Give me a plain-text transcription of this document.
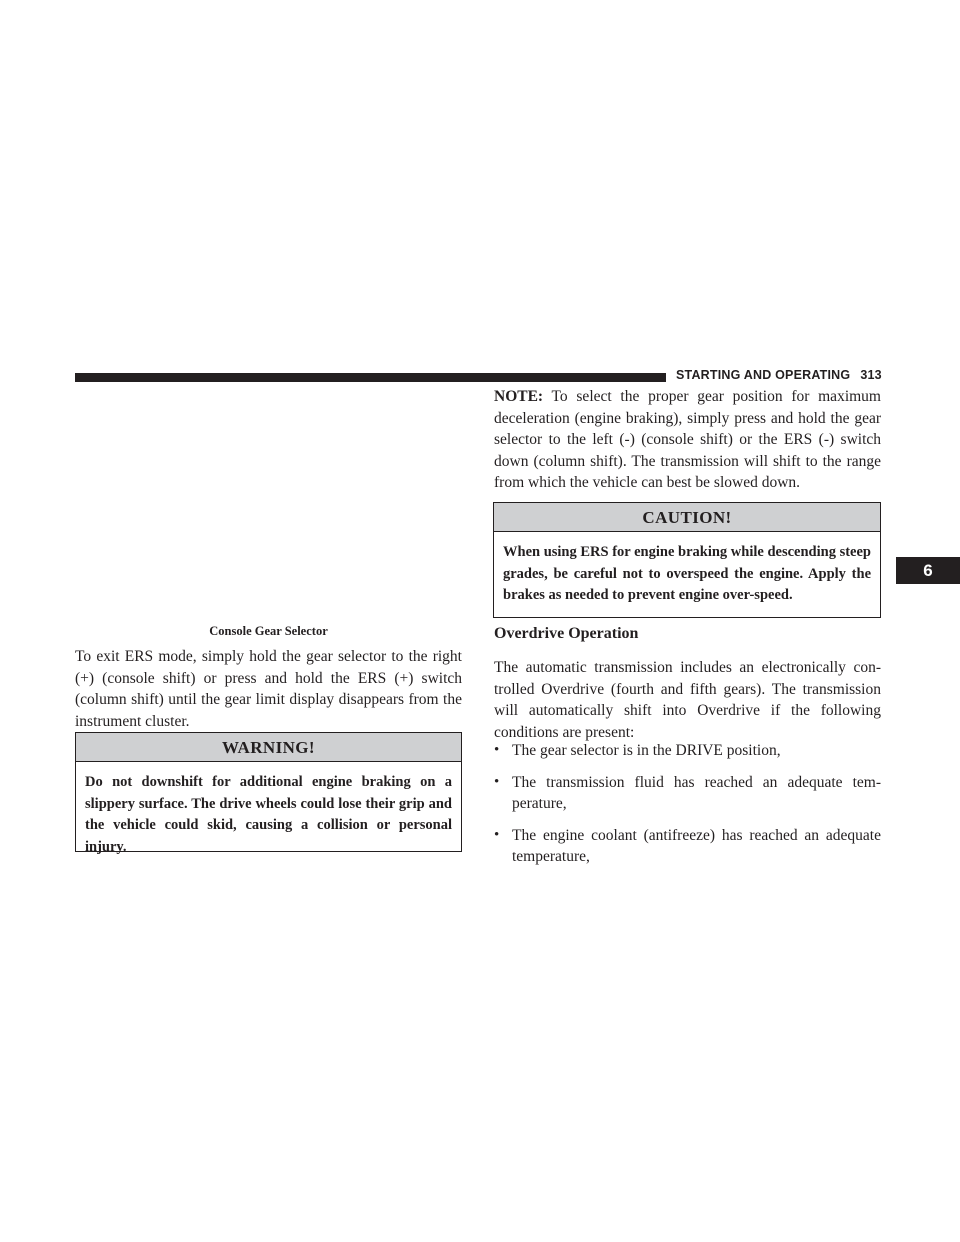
STARTING AND OPERATING 313
6
Console Gear Selector

To exit ERS mode, simply hold the gear selector to the right (+) (console shift) or press and hold the ERS (+) switch (column shift) until the gear limit display disappears from the instrument cluster.

WARNING!
Do not downshift for additional engine braking on a slippery surface. The drive wheels could lose their grip and the vehicle could skid, causing a collision or personal injury.

NOTE: To select the proper gear position for maximum deceleration (engine braking), simply press and hold the gear selector to the left (-) (console shift) or the ERS (-) switch down (column shift). The transmission will shift to the range from which the vehicle can best be slowed down.

CAUTION!
When using ERS for engine braking while descending steep grades, be careful not to overspeed the engine. Apply the brakes as needed to prevent engine over-speed.
Overdrive Operation

The automatic transmission includes an electronically con-trolled Overdrive (fourth and fifth gears). The transmission will automatically shift into Overdrive if the following conditions are present:

• The gear selector is in the DRIVE position,
• The transmission fluid has reached an adequate tem-perature,
• The engine coolant (antifreeze) has reached an adequate temperature,
